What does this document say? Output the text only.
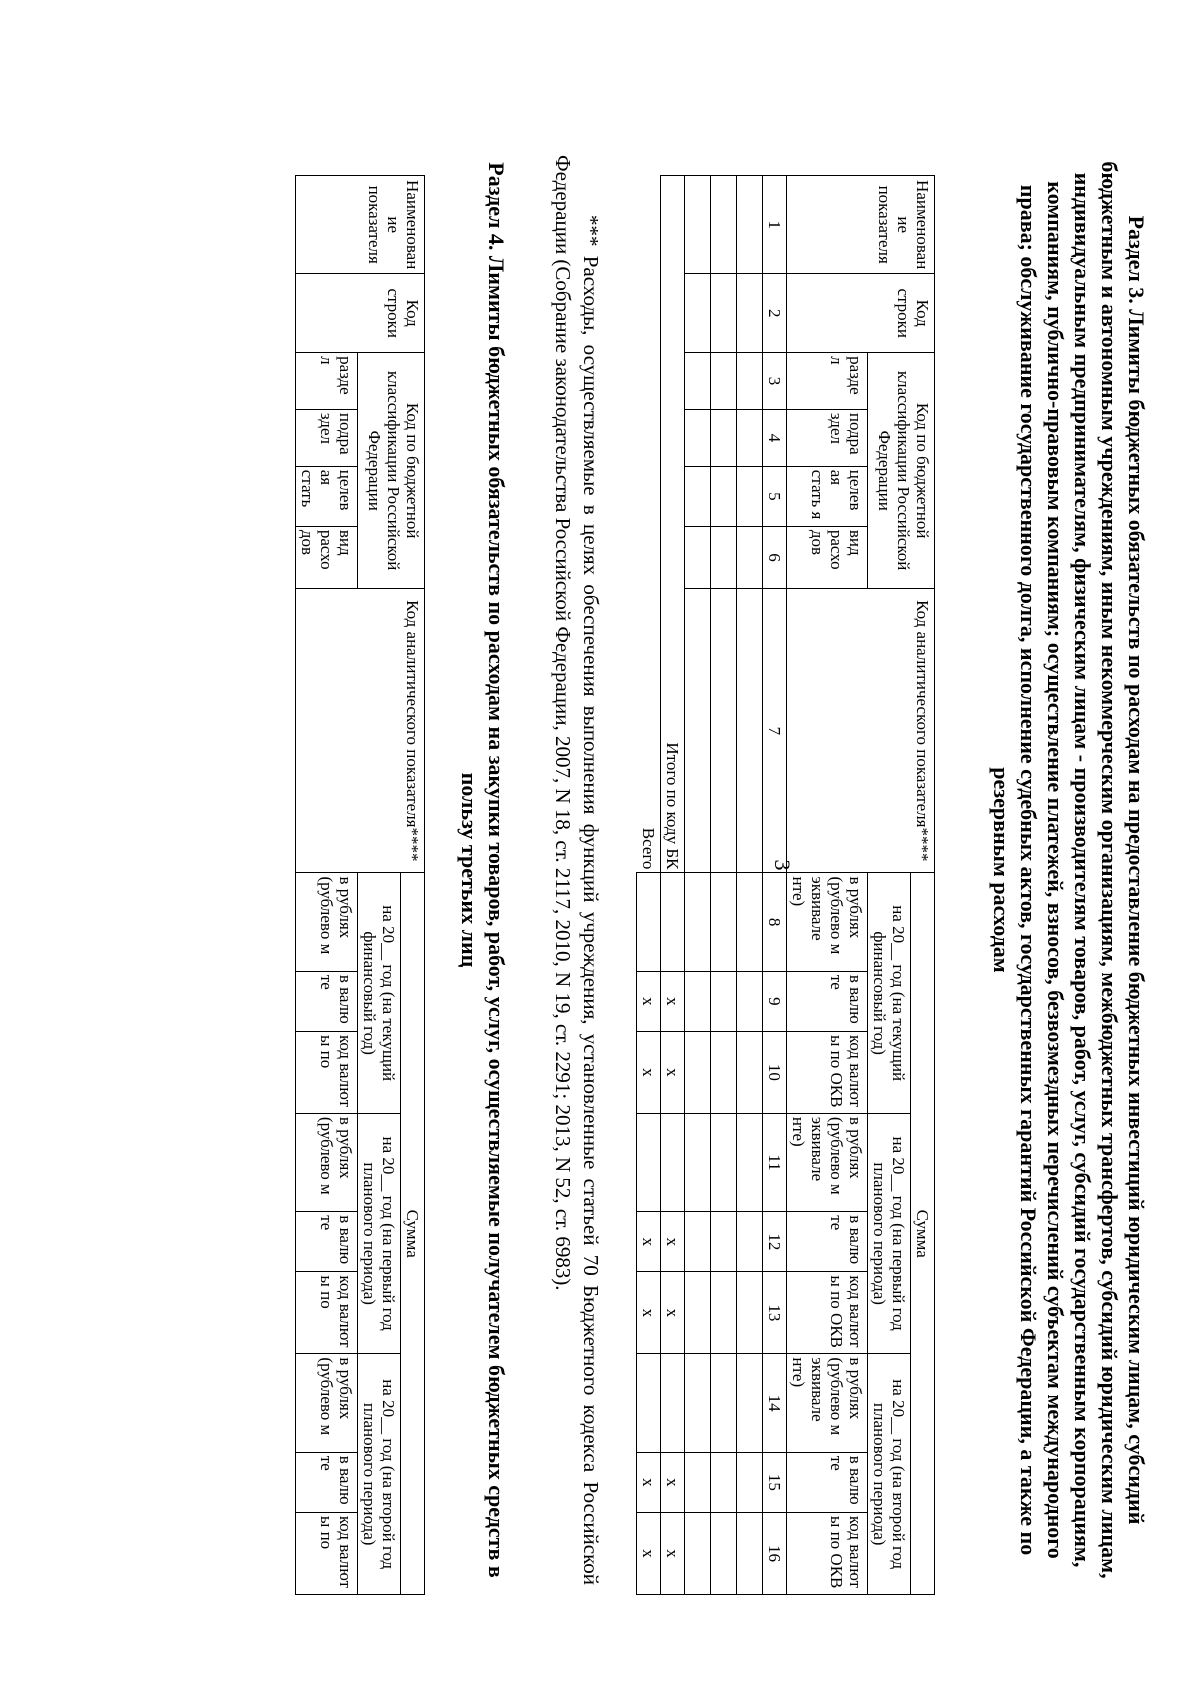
Раздел 3. Лимиты бюджетных обязательств по расходам на предоставление бюджетных инвестиций юридическим лицам, субсидий бюджетным и автономным учреждениям, иным некоммерческим организациям, межбюджетных трансфертов, субсидий юридическим лицам, индивидуальным предпринимателям, физическим лицам - производителям товаров, работ, услуг, субсидий государственным корпорациям, компаниям, публично-правовым компаниям; осуществление платежей, взносов, безвозмездных перечислений субъектам международного права; обслуживание государственного долга, исполнение судебных актов, государственных гарантий Российской Федерации, а также по резервным расходам
Наименован ие показателя	Код строки	Код по бюджетной классификации Российской Федерации				Код аналитического показателя****	Сумма								
							на 20__ год (на текущий финансовый год)			на 20__ год (на первый год планового периода)			на 20__ год (на второй год планового периода)		
		разде л	подра здел	целев ая стать я	вид расхо дов		в рублях (рублево м эквивале нте)	в валю те	код валют ы по ОКВ	в рублях (рублево м эквивале нте)	в валю те	код валют ы по ОКВ	в рублях (рублево м эквивале нте)	в валю те	код валют ы по ОКВ
1	2	3	4	5	6	7	8	9	10	11	12	13	14	15	16

Итого по коду БК								x	x		x	x		x	x
Всего								x	x		x	x		x	x
3
*** Расходы, осуществляемые в целях обеспечения выполнения функций учреждения, установленные статьей 70 Бюджетного кодекса Российской Федерации (Собрание законодательства Российской Федерации, 2007, N 18, ст. 2117, 2010, N 19, ст. 2291; 2013, N 52, ст. 6983).
Раздел 4. Лимиты бюджетных обязательств по расходам на закупки товаров, работ, услуг, осуществляемые получателем бюджетных средств в пользу третьих лиц
Наименован ие показателя	Код строки	Код по бюджетной классификации Российской Федерации				Код аналитического показателя****	Сумма								
							на 20__ год (на текущий финансовый год)			на 20__ год (на первый год планового периода)			на 20__ год (на второй год планового периода)		
		разде л	подра здел	целев ая стать	вид расхо дов		в рублях (рублево м	в валю те	код валют ы по	в рублях (рублево м	в валю те	код валют ы по	в рублях (рублево м	в валю те	код валют ы по
